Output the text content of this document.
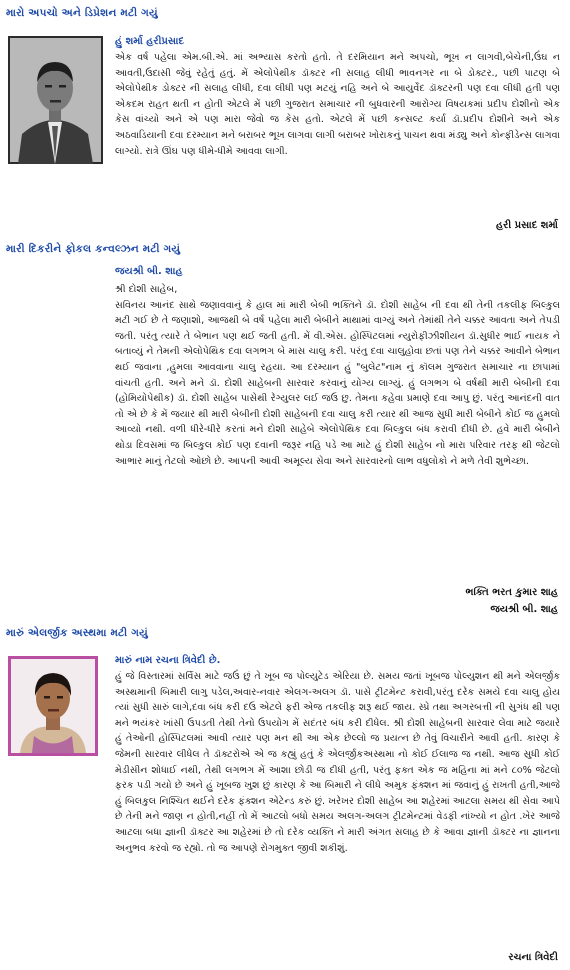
મારો અપચો અને ડિપ્રેશન મટી ગયું
હું શર્મા હરીપ્રસાદ

એક વર્ષ પહેલા એમ.બી.એ. માં અભ્યાસ કરતો હતો. તે દરમિયાન મને અપચો, ભૂખ ન લાગવી,બેચેની,ઉંઘ ન આવતી,ઉદાસી જેવું રહેતું હતું. મેં એલોપેથીક ડૉક્ટર ની સલાહ લીધી ભાવનગર ના બે ડોક્ટર., પછી પાટણ બે એલોપેથીક ડોક્ટર ની સલાહ લીધી, દવા લીધી પણ મટયું નહિ અને બે આયુર્વેદ ડૉક્ટરની પણ દવા લીધી હતી પણ એકદમ રાહત થતી ન હોતી એટલે મેં પછી ગુજરાત સમાચાર ની બુધવારની આરોગ્ય વિષયકમાં પ્રદીપ દોશીનો એક કેસ વાંચ્યો અને એ પણ મારા જેવો જ કેસ હતો. એટલે મેં પછી કન્સલ્ટ કર્યા ડૉ.પ્રદીપ દોશીને અને એક અઠવાડિયાની દવા દરમ્યાન મને બરાબર ભૂખ લાગવા લાગી બરાબર ખોરાકનું પાચન થવા મંડ્યુ અને કોન્ફીડેન્સ લાગવા લાગ્યો. રાત્રે ઊંઘ પણ ધીમે-ધીમે આવવા લાગી.

હરી પ્રસાદ શર્મા
મારી દિકરીને ફોકલ કન્વલ્ઝન મટી ગયું
જયશ્રી બી. શાહ

શ્રી દોશી સાહેબ,

સવિનય આનંદ સાથે જણાવવાનું કે હાલ માં મારી બેબી ભક્તિને ડૉ. દોશી સાહેબ ની દવા થી તેની તકલીફ બિલ્કુલ મટી ગઈ છે તે જણાશો, આજથી બે વર્ષ પહેલા મારી બેબીને માથામાં વાગ્યું અને તેમાંથી તેને ચક્કર આવતા અને તેપડી જતી. પરંતુ ત્યારે તે બેભાન પણ થઈ જતી હતી. મેં વી.એસ. હોસ્પિટલમાં ન્યુરોફીઝીશીયન ડૉ.સુધીર ભાઈ નાયક ને બતાવ્યું ને તેમની એલોપેથિક દવા લગભગ બે માસ ચાલુ કરી. પરંતુ દવા ચાલુહોવા છતાં પણ તેને ચક્કર આવીને બેભાન થઈ જવાના ,હુમલા આવવાના ચાલુ રહયા. આ દરમ્યાન હું "બુલેટ"નામ નું કૉલમ ગુજરાત સમાચાર ના છાપામાં વાંચતી હતી. અને મને ડૉ. દોશી સાહેબની સારવાર કરવાનું યોગ્ય લાગ્યું. હું લગભગ બે વર્ષથી મારી બેબીની દવા (હોમિયોપેથીક) ડૉ. દોશી સાહેબ પાસેથી રેગ્યુલર લઈ જઉ છુ. તેમના કહેવા પ્રમાણે દવા આપુ છું. પરંતુ આનંદની વાત તો એ છે કે મેં જયાર થી મારી બેબીની દોશી સાહેબની દવા ચાલુ કરી ત્યાર થી આજ સુધી મારી બેબીને કોઈ જ હુમલો આવ્યો નથી. વળી ધીરે-ધીરે કરતાં મને દોશી સાહેબે એલોપેથિક દવા બિલ્કુલ બંધ કરાવી દીધી છે. હવે મારી બેબીને થોડા દિવસમાં જ બિલ્કુલ કોઈ પણ દવાની જરૂર નહિ પડે આ માટે હું દોશી સાહેબ નો મારા પરિવાર તરફ થી જેટલો આભાર માનું તેટલો ઓછો છે. આપની આવી અમૂલ્ય સેવા અને સારવારનો લાભ વધુલોકો ને મળે તેવી શુભેચ્છા.

ભક્તિ ભરત કુમાર શાહ
જયશ્રી બી. શાહ
મારું એલર્જીક અસ્થમા મટી ગયું
મારું નામ રચના ત્રિવેદી છે.

હું જે વિસ્તારમાં સર્વિસ માટે જઉં છું તે ખૂબ જ પોલ્યુટેડ એરિયા છે. સમય જતાં ખૂબજ પોલ્યુશન થી મને એલર્જીક અસ્થમાની બિમારી લાગુ પડેલ,અવાર-નવાર એલગ-અલગ ડૉ. પાસે ટ્રીટમેન્ટ કરાવી,પરંતુ દરેક સમયે દવા ચાલુ હોય ત્યાં સુધી સારું લાગે,દવા બંધ કરી દઉ એટલે ફરી એજ તકલીફ શરૂ થઈ જાય. સ્પ્રે તથા અગરબત્તી ની સુગંધ થી પણ મને ભયંકર ખાંસી ઉપડતી તેથી તેનો ઉપયોગ મેં સદંતર બંધ કરી દીધેલ. શ્રી દોશી સાહેબની સારવાર લેવા માટે જયારે હું તેઓની હોસ્પિટલમાં આવી ત્યાર પણ મન થી આ એક છેલ્લો જ પ્રયત્ન છે તેવું વિચારીને આવી હતી. કારણ કે જેમની સારવાર લીધેલ તે ડૉક્ટરોએ એ જ કહ્યું હતું કે એલર્જીકઅસ્થમા નો કોઈ ઈલાજ જ નથી. આજ સુધી કોઈ મેડીસીન શોધાઈ નથી, તેથી લગભગ મેં આશા છોડી જ દીધી હતી, પરંતુ ફક્ત એક જ મહિના માં મને ૮૦% જેટલો ફરક પડી ગયો છે અને હું ખૂબજ ખુશ છું કારણ કે આ બિમારી ને લીધે અમુક ફંક્શન માં જવાનું હું રાખતી હતી,આજે હું બિલકુલ નિશ્ચિત થઈને દરેક ફંક્શન એટેન્ડ કરું છું. ખરેખર દોશી સાહેબ આ શહેરમાં આટલા સમય થી સેવા આપે છે તેની મને જાણ ન હોતી,નહીં તો મેં આટલો બધો સમય અલગ-અલગ ટ્રીટમેન્ટમાં વેડફી નાંખ્યો ન હોત .ખેર આજે આટલા બધા જ્ઞાની ડૉક્ટર આ શહેરમાં છે તો દરેક વ્યક્તિ ને મારી અંગત સલાહ છે કે આવા જ્ઞાની ડૉક્ટર ના જ્ઞાનના અનુભવ કરવો જ રહ્યો. તો જ આપણે રોગમુક્ત જીવી શકીશું.

રચના ત્રિવેદી
